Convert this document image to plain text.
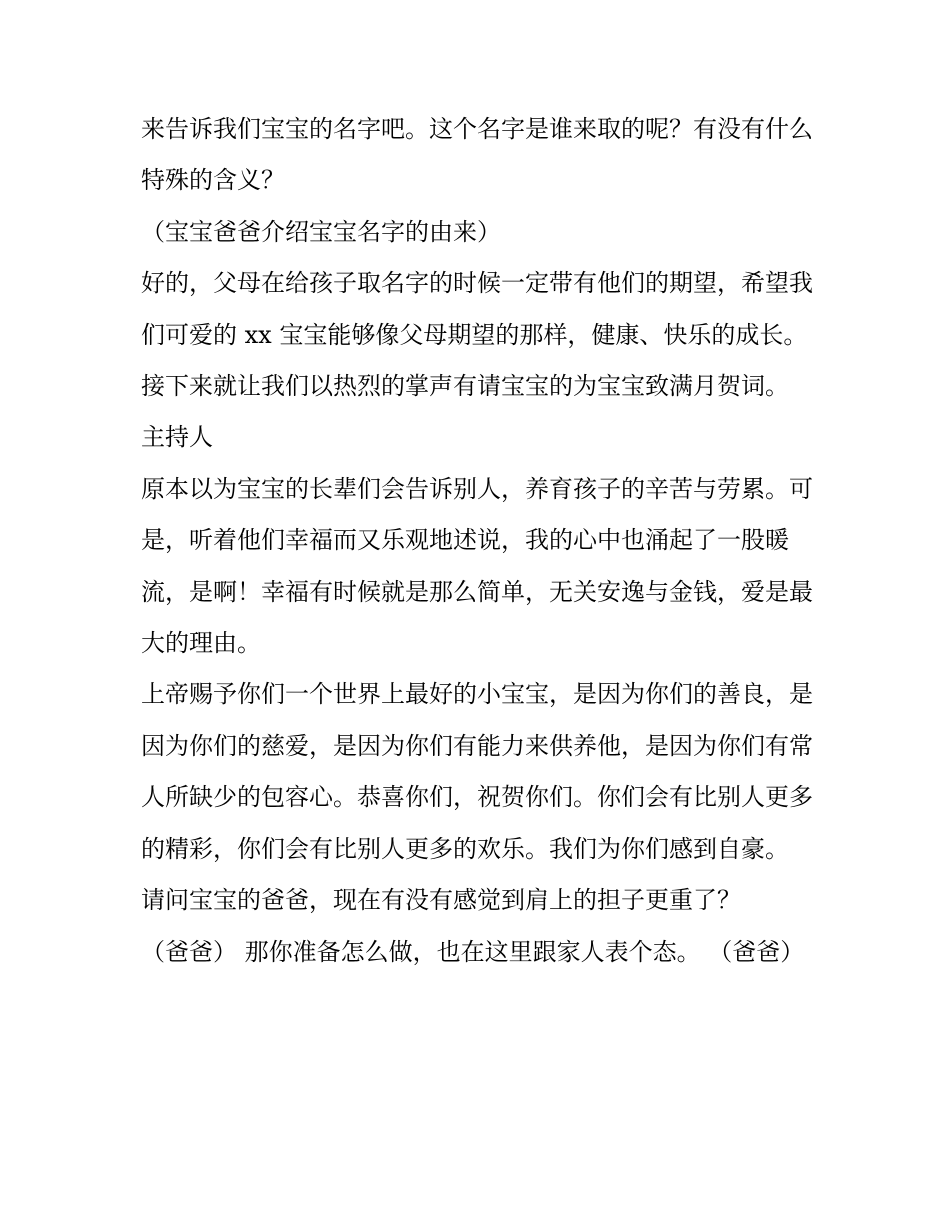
来告诉我们宝宝的名字吧。这个名字是谁来取的呢？有没有什么特殊的含义？

（宝宝爸爸介绍宝宝名字的由来）

好的，父母在给孩子取名字的时候一定带有他们的期望，希望我们可爱的 xx 宝宝能够像父母期望的那样，健康、快乐的成长。接下来就让我们以热烈的掌声有请宝宝的为宝宝致满月贺词。

主持人

原本以为宝宝的长辈们会告诉别人，养育孩子的辛苦与劳累。可是，听着他们幸福而又乐观地述说，我的心中也涌起了一股暖流，是啊！幸福有时候就是那么简单，无关安逸与金钱，爱是最大的理由。

上帝赐予你们一个世界上最好的小宝宝，是因为你们的善良，是因为你们的慈爱，是因为你们有能力来供养他，是因为你们有常人所缺少的包容心。恭喜你们，祝贺你们。你们会有比别人更多的精彩，你们会有比别人更多的欢乐。我们为你们感到自豪。

请问宝宝的爸爸，现在有没有感觉到肩上的担子更重了？

（爸爸） 那你准备怎么做，也在这里跟家人表个态。 （爸爸）
